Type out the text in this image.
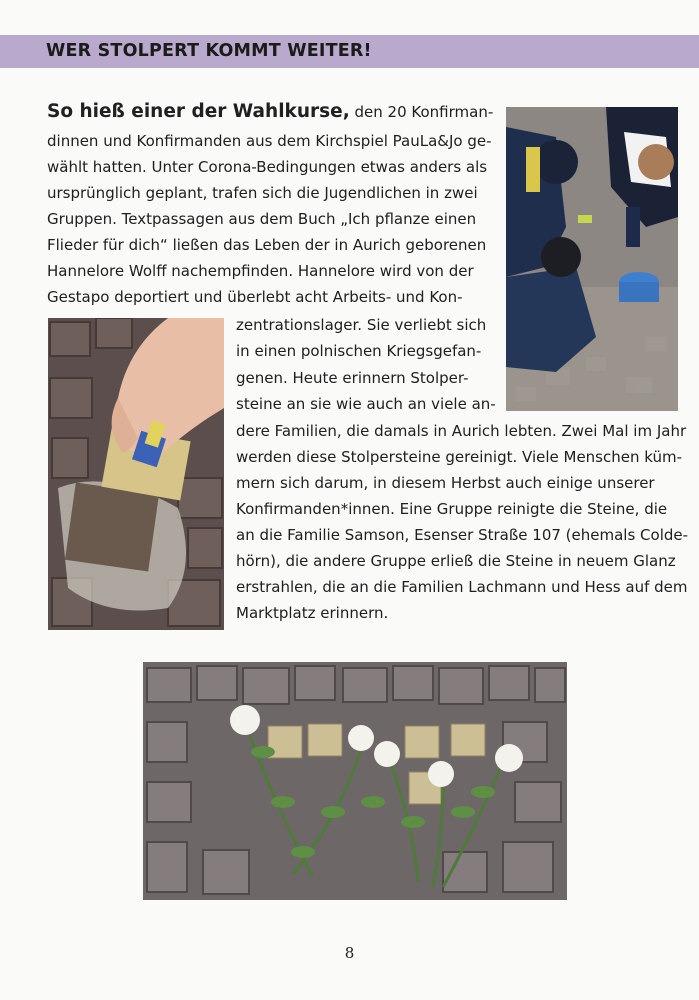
WER STOLPERT KOMMT WEITER!
So hieß einer der Wahlkurse, den 20 Konfirman-
dinnen und Konfirmanden aus dem Kirchspiel PauLa&Jo ge-
wählt hatten. Unter Corona-Bedingungen etwas anders als
ursprünglich geplant, trafen sich die Jugendlichen in zwei
Gruppen. Textpassagen aus dem Buch „Ich pflanze einen
Flieder für dich“ ließen das Leben der in Aurich geborenen
Hannelore Wolff nachempfinden. Hannelore wird von der
Gestapo deportiert und überlebt acht Arbeits- und Kon-
zentrationslager. Sie verliebt sich
in einen polnischen Kriegsgefan-
genen. Heute erinnern Stolper-
steine an sie wie auch an viele an-
dere Familien, die damals in Aurich lebten. Zwei Mal im Jahr
werden diese Stolpersteine gereinigt. Viele Menschen küm-
mern sich darum, in diesem Herbst auch einige unserer
Konfirmanden*innen. Eine Gruppe reinigte die Steine, die
an die Familie Samson, Esenser Straße 107 (ehemals Colde-
hörn), die andere Gruppe erließ die Steine in neuem Glanz
erstrahlen, die an die Familien Lachmann und Hess auf dem
Marktplatz erinnern.
8
